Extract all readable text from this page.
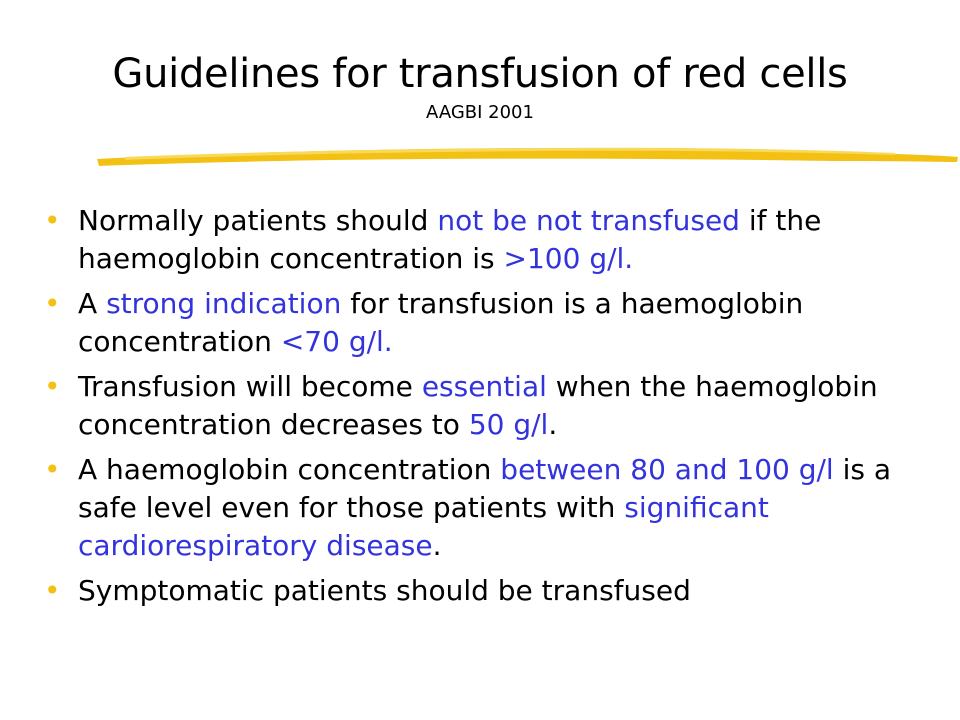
Guidelines for transfusion of red cells
AAGBI 2001
• Normally patients should not be not transfused if the haemoglobin concentration is >100 g/l.
• A strong indication for transfusion is a haemoglobin concentration <70 g/l.
• Transfusion will become essential when the haemoglobin concentration decreases to 50 g/l.
• A haemoglobin concentration between 80 and 100 g/l is a safe level even for those patients with significant cardiorespiratory disease.
• Symptomatic patients should be transfused
